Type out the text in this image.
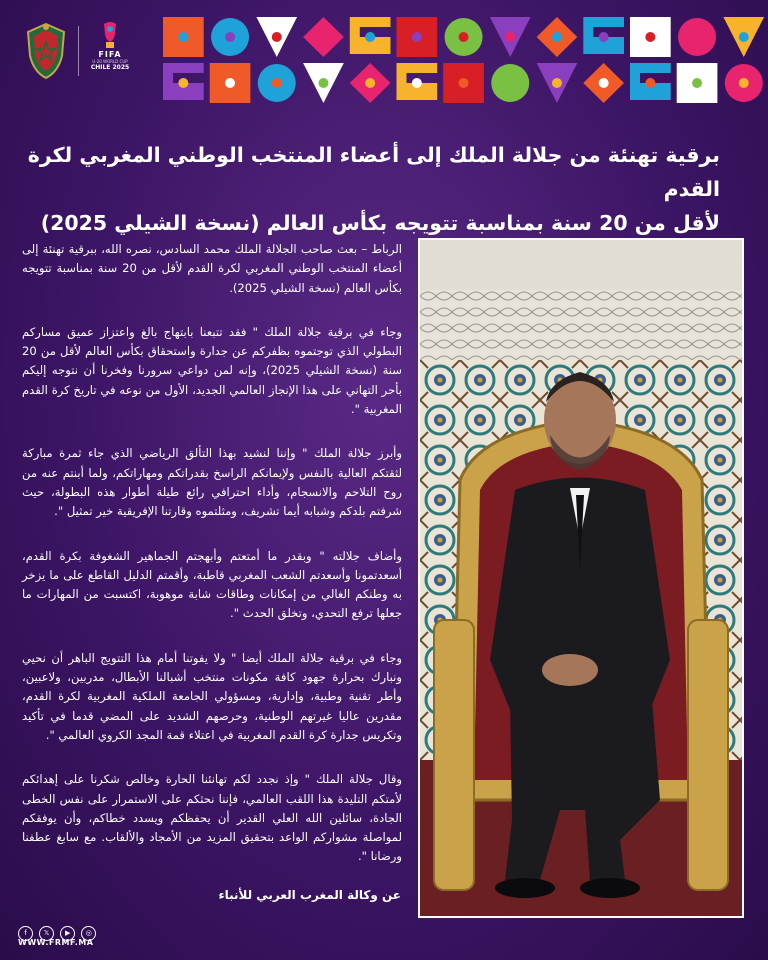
FIFA
U-20 WORLD CUP
CHILE 2025
برقية تهنئة من جلالة الملك إلى أعضاء المنتخب الوطني المغربي لكرة القدم
لأقل من 20 سنة بمناسبة تتويجه بكأس العالم (نسخة الشيلي 2025)

الرباط – بعث صاحب الجلالة الملك محمد السادس، نصره الله، ببرقية تهنئة إلى أعضاء المنتخب الوطني المغربي لكرة القدم لأقل من 20 سنة بمناسبة تتويجه بكأس العالم (نسخة الشيلي 2025).

وجاء في برقية جلالة الملك " فقد تتبعنا بابتهاج بالغ واعتزاز عميق مساركم البطولي الذي توجتموه بظفركم عن جدارة واستحقاق بكأس العالم لأقل من 20 سنة (نسخة الشيلي 2025)، وإنه لمن دواعي سرورنا وفخرنا أن نتوجه إليكم بأحر التهاني على هذا الإنجاز العالمي الجديد، الأول من نوعه في تاريخ كرة القدم المغربية ".

وأبرز جلالة الملك " وإننا لنشيد بهذا التألق الرياضي الذي جاء ثمرة مباركة لثقتكم العالية بالنفس ولإيمانكم الراسخ بقدراتكم ومهاراتكم، ولما أبنتم عنه من روح التلاحم والانسجام، وأداء احترافي رائع طيلة أطوار هذه البطولة، حيث شرفتم بلدكم وشبابه أيما تشريف، ومثلتموه وقارتنا الإفريقية خير تمثيل ".

وأضاف جلالته " وبقدر ما أمتعتم وأبهجتم الجماهير الشغوفة بكرة القدم، أسعدتمونا وأسعدتم الشعب المغربي قاطبة، وأقمتم الدليل القاطع على ما يزخر به وطنكم الغالي من إمكانات وطاقات شابة موهوبة، اكتسبت من المهارات ما جعلها ترفع التحدي، وتخلق الحدث ".

وجاء في برقية جلالة الملك أيضا " ولا يفوتنا أمام هذا التتويج الباهر أن نحيي ونبارك بحرارة جهود كافة مكونات منتخب أشبالنا الأبطال، مدربين، ولاعبين، وأطر تقنية وطبية، وإدارية، ومسؤولي الجامعة الملكية المغربية لكرة القدم، مقدرين عاليا غيرتهم الوطنية، وحرصهم الشديد على المضي قدما في تأكيد وتكريس جدارة كرة القدم المغربية في اعتلاء قمة المجد الكروي العالمي ".

وقال جلالة الملك " وإذ نجدد لكم تهانئنا الحارة وخالص شكرنا على إهدائكم لأمتكم التليدة هذا اللقب العالمي، فإننا نحثكم على الاستمرار على نفس الخطى الجادة، سائلين الله العلي القدير أن يحفظكم ويسدد خطاكم، وأن يوفقكم لمواصلة مشواركم الواعد بتحقيق المزيد من الأمجاد والألقاب. مع سابغ عطفنا ورضانا ".

عن وكالة المغرب العربي للأنباء
f 𝕏 ▶ ◎
WWW.FRMF.MA
